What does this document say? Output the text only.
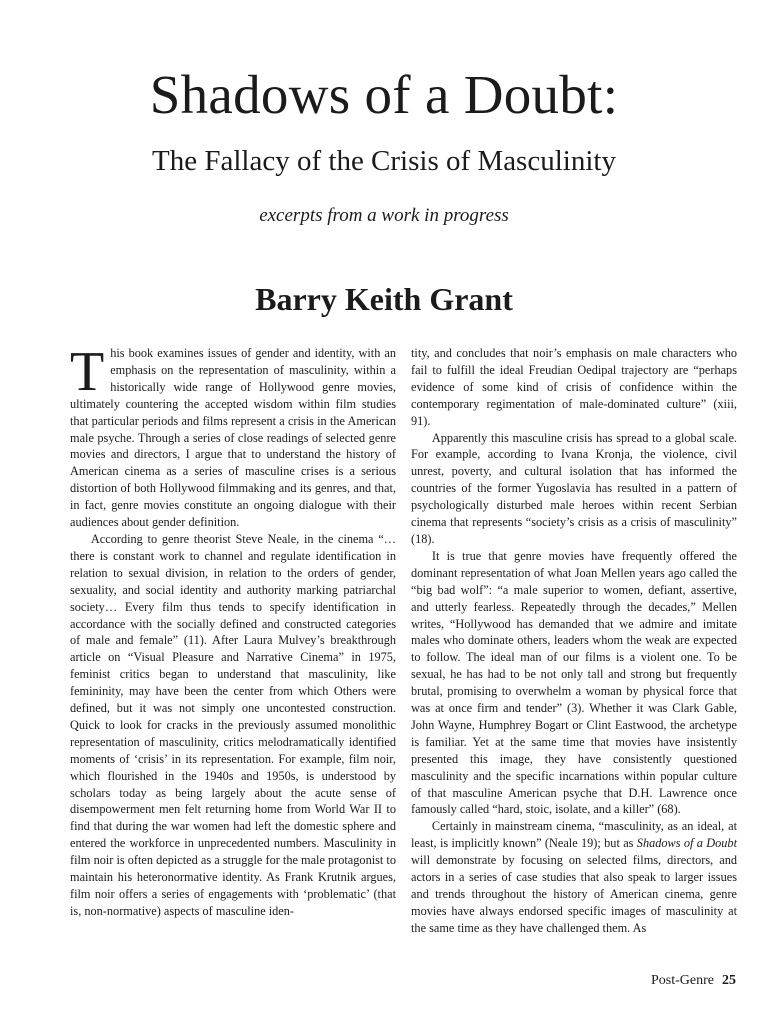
Shadows of a Doubt:
The Fallacy of the Crisis of Masculinity
excerpts from a work in progress
Barry Keith Grant

This book examines issues of gender and identity, with an emphasis on the representation of masculinity, within a historically wide range of Hollywood genre movies, ultimately countering the accepted wisdom within film studies that particular periods and films represent a crisis in the American male psyche. Through a series of close readings of selected genre movies and directors, I argue that to understand the history of American cinema as a series of masculine crises is a serious distortion of both Hollywood filmmaking and its genres, and that, in fact, genre movies constitute an ongoing dialogue with their audiences about gender definition.

According to genre theorist Steve Neale, in the cinema “…there is constant work to channel and regulate identification in relation to sexual division, in relation to the orders of gender, sexuality, and social identity and authority marking patriarchal society… Every film thus tends to specify identification in accordance with the socially defined and constructed categories of male and female” (11). After Laura Mulvey’s breakthrough article on “Visual Pleasure and Narrative Cinema” in 1975, feminist critics began to understand that masculinity, like femininity, may have been the center from which Others were defined, but it was not simply one uncontested construction. Quick to look for cracks in the previously assumed monolithic representation of masculinity, critics melodramatically identified moments of ‘crisis’ in its representation. For example, film noir, which flourished in the 1940s and 1950s, is understood by scholars today as being largely about the acute sense of disempowerment men felt returning home from World War II to find that during the war women had left the domestic sphere and entered the workforce in unprecedented numbers. Masculinity in film noir is often depicted as a struggle for the male protagonist to maintain his heteronormative identity. As Frank Krutnik argues, film noir offers a series of engagements with ‘problematic’ (that is, non-normative) aspects of masculine iden-

tity, and concludes that noir’s emphasis on male characters who fail to fulfill the ideal Freudian Oedipal trajectory are “perhaps evidence of some kind of crisis of confidence within the contemporary regimentation of male-dominated culture” (xiii, 91).

Apparently this masculine crisis has spread to a global scale. For example, according to Ivana Kronja, the violence, civil unrest, poverty, and cultural isolation that has informed the countries of the former Yugoslavia has resulted in a pattern of psychologically disturbed male heroes within recent Serbian cinema that represents “society’s crisis as a crisis of masculinity” (18).

It is true that genre movies have frequently offered the dominant representation of what Joan Mellen years ago called the “big bad wolf”: “a male superior to women, defiant, assertive, and utterly fearless. Repeatedly through the decades,” Mellen writes, “Hollywood has demanded that we admire and imitate males who dominate others, leaders whom the weak are expected to follow. The ideal man of our films is a violent one. To be sexual, he has had to be not only tall and strong but frequently brutal, promising to overwhelm a woman by physical force that was at once firm and tender” (3). Whether it was Clark Gable, John Wayne, Humphrey Bogart or Clint Eastwood, the archetype is familiar. Yet at the same time that movies have insistently presented this image, they have consistently questioned masculinity and the specific incarnations within popular culture of that masculine American psyche that D.H. Lawrence once famously called “hard, stoic, isolate, and a killer” (68).

Certainly in mainstream cinema, “masculinity, as an ideal, at least, is implicitly known” (Neale 19); but as Shadows of a Doubt will demonstrate by focusing on selected films, directors, and actors in a series of case studies that also speak to larger issues and trends throughout the history of American cinema, genre movies have always endorsed specific images of masculinity at the same time as they have challenged them. As

Post-Genre 25
